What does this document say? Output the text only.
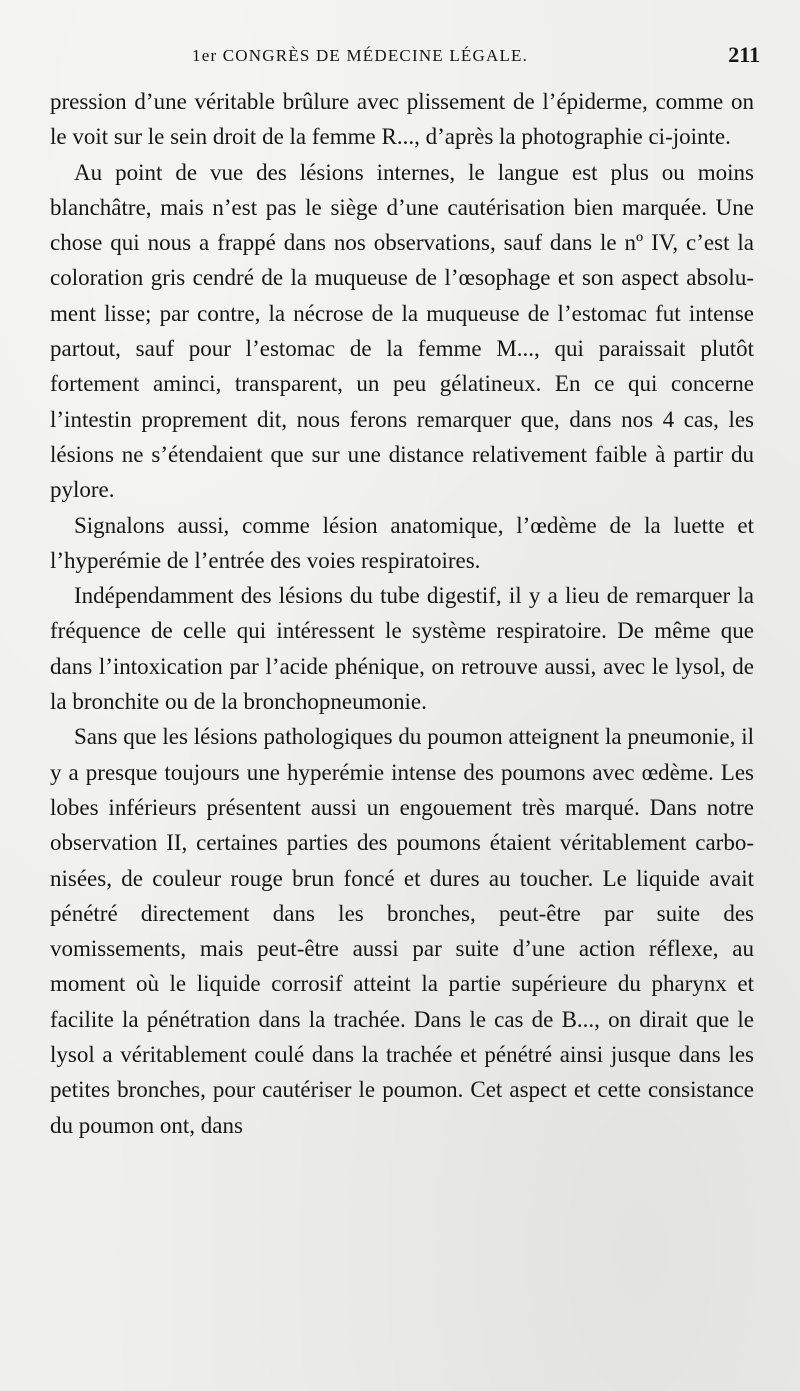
1er CONGRÈS DE MÉDECINE LÉGALE.	211

pression d’une véritable brûlure avec plissement de l’épiderme, comme on le voit sur le sein droit de la femme R..., d’après la photographie ci-jointe.

Au point de vue des lésions internes, le langue est plus ou moins blanchâtre, mais n’est pas le siège d’une cautérisation bien marquée. Une chose qui nous a frappé dans nos observations, sauf dans le nº IV, c’est la coloration gris cendré de la muqueuse de l’œsophage et son aspect absolument lisse; par contre, la nécrose de la muqueuse de l’estomac fut intense partout, sauf pour l’estomac de la femme M..., qui paraissait plutôt fortement aminci, transparent, un peu gélatineux. En ce qui concerne l’intestin proprement dit, nous ferons remarquer que, dans nos 4 cas, les lésions ne s’étendaient que sur une distance relativement faible à partir du pylore.

Signalons aussi, comme lésion anatomique, l’œdème de la luette et l’hyperémie de l’entrée des voies respiratoires.

Indépendamment des lésions du tube digestif, il y a lieu de remarquer la fréquence de celle qui intéressent le système respiratoire. De même que dans l’intoxication par l’acide phénique, on retrouve aussi, avec le lysol, de la bronchite ou de la bronchopneumonie.

Sans que les lésions pathologiques du poumon atteignent la pneumonie, il y a presque toujours une hyperémie intense des poumons avec œdème. Les lobes inférieurs présentent aussi un engouement très marqué. Dans notre observation II, certaines parties des poumons étaient véritablement carbonisées, de couleur rouge brun foncé et dures au toucher. Le liquide avait pénétré directement dans les bronches, peut-être par suite des vomissements, mais peut-être aussi par suite d’une action réflexe, au moment où le liquide corrosif atteint la partie supérieure du pharynx et facilite la pénétration dans la trachée. Dans le cas de B..., on dirait que le lysol a véritablement coulé dans la trachée et pénétré ainsi jusque dans les petites bronches, pour cautériser le poumon. Cet aspect et cette consistance du poumon ont, dans
